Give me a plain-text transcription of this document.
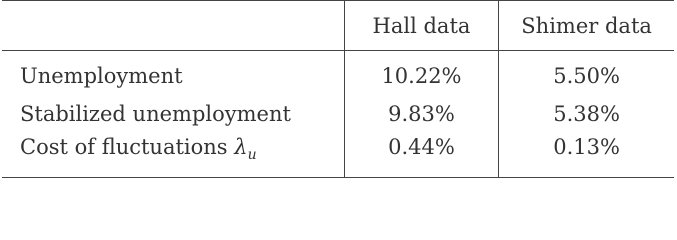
	Hall data	Shimer data

Unemployment	10.22%	5.50%
Stabilized unemployment	9.83%	5.38%
Cost of fluctuations $\lambda_u$	0.44%	0.13%
